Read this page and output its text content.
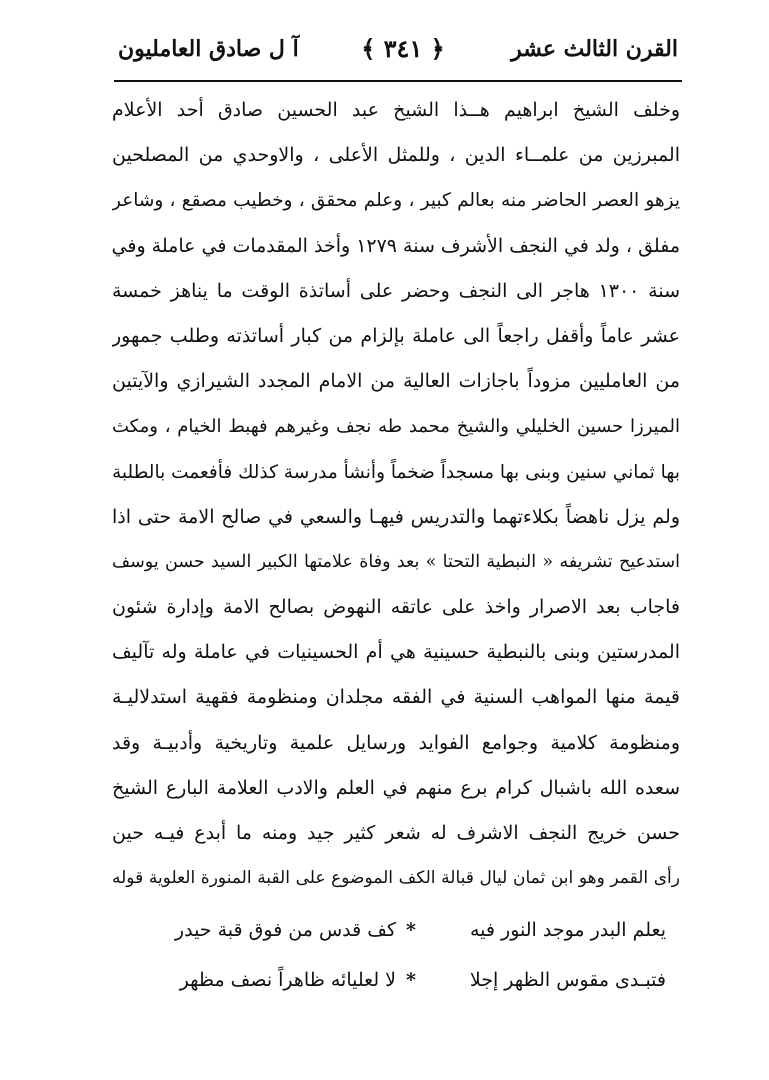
القرن الثالث عشر
﴿ ٣٤١ ﴾
آ ل صادق العامليون
وخلف الشيخ ابراهيم هــذا الشيخ عبد الحسين صادق أحد الأعلام
المبرزين من علمــاء الدين ، وللمثل الأعلى ، والاوحدي من المصلحين
يزهو العصر الحاضر منه بعالم كبير ، وعلم محقق ، وخطيب مصقع ، وشاعر
مفلق ، ولد في النجف الأشرف سنة ١٢٧٩ وأخذ المقدمات في عاملة وفي
سنة ١٣٠٠ هاجر الى النجف وحضر على أساتذة الوقت ما يناهز خمسة
عشر عاماً وأقفل راجعاً الى عاملة بإلزام من كبار أساتذته وطلب جمهور
من العامليين مزوداً باجازات العالية من الامام المجدد الشيرازي والآيتين
الميرزا حسين الخليلي والشيخ محمد طه نجف وغيرهم فهبط الخيام ، ومكث
بها ثماني سنين وبنى بها مسجداً ضخماً وأنشأ مدرسة كذلك فأفعمت بالطلبة
ولم يزل ناهضاً بكلاءتهما والتدريس فيهـا والسعي في صالح الامة حتى اذا
استدعيح تشريفه « النبطية التحتا » بعد وفاة علامتها الكبير السيد حسن يوسف
فاجاب بعد الاصرار واخذ على عاتقه النهوض بصالح الامة وإدارة شئون
المدرستين وبنى بالنبطية حسينية هي أم الحسينيات في عاملة وله تآليف
قيمة منها المواهب السنية في الفقه مجلدان ومنظومة فقهية استدلاليـة
ومنظومة كلامية وجوامع الفوايد ورسايل علمية وتاريخية وأدبيـة وقد
سعده الله باشبال كرام برع منهم في العلم والادب العلامة البارع الشيخ
حسن خريج النجف الاشرف له شعر كثير جيد ومنه ما أبدع فيـه حين
رأى القمر وهو ابن ثمان ليال قبالة الكف الموضوع على القبة المنورة العلوية قوله
يعلم البدر موجد النور فيه
*
كف قدس من فوق قبة حيدر
فتبـدى مقوس الظهر إجلا
*
لا لعليائه ظاهراً نصف مظهر
